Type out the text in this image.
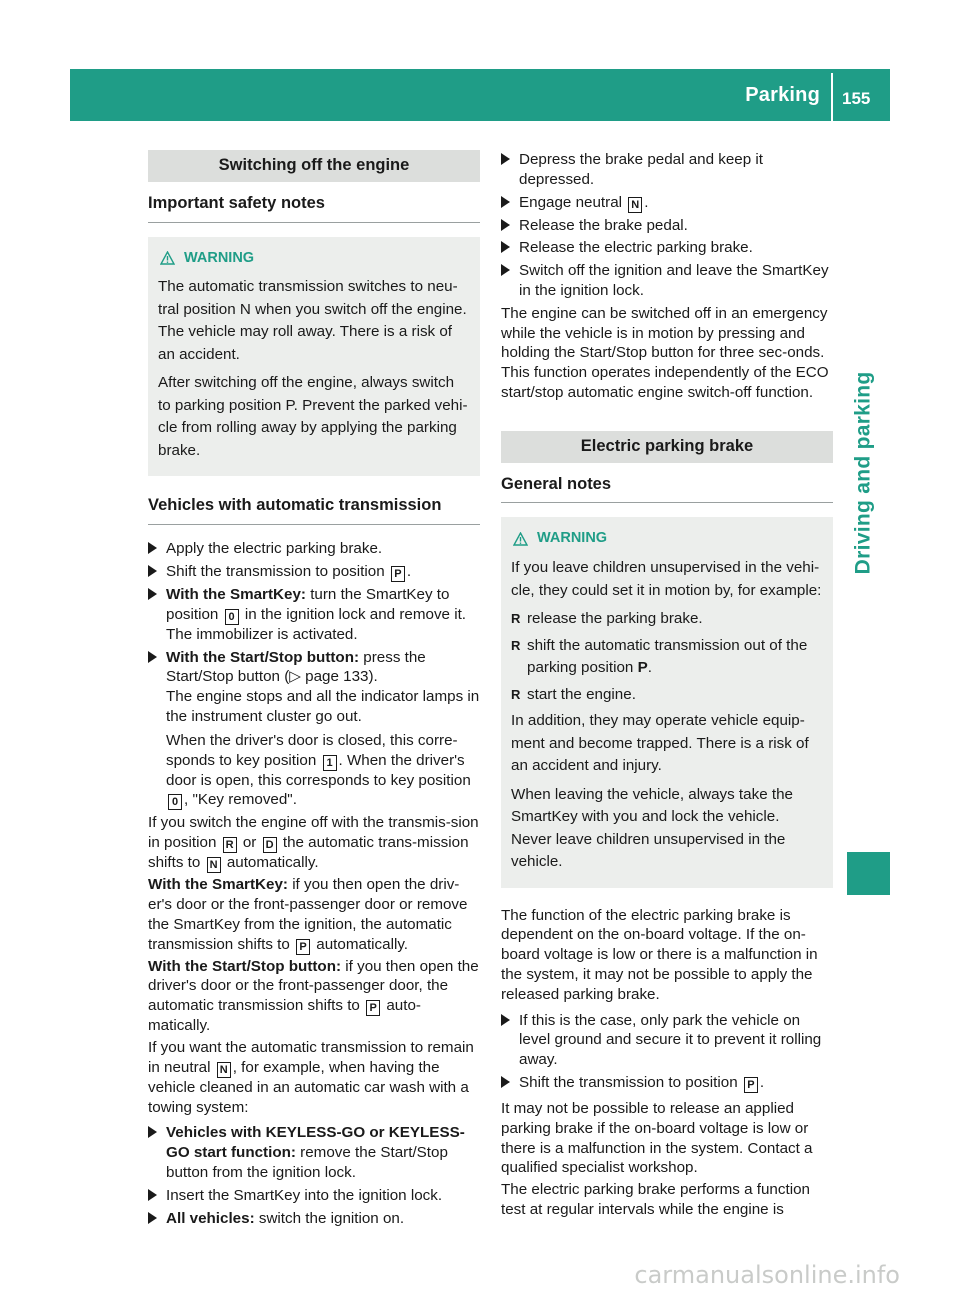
Parking 155
Driving and parking
Switching off the engine
Important safety notes
WARNING

The automatic transmission switches to neu-tral position N when you switch off the engine. The vehicle may roll away. There is a risk of an accident.

After switching off the engine, always switch to parking position P. Prevent the parked vehi-cle from rolling away by applying the parking brake.

Vehicles with automatic transmission
Apply the electric parking brake.
Shift the transmission to position P .
With the SmartKey: turn the SmartKey to position 0 in the ignition lock and remove it. The immobilizer is activated.
With the Start/Stop button: press the Start/Stop button (▷ page 133).
The engine stops and all the indicator lamps in the instrument cluster go out.
When the driver's door is closed, this corre-sponds to key position 1 . When the driver's door is open, this corresponds to key position 0 , "Key removed".

If you switch the engine off with the transmis-sion in position R or D the automatic trans-mission shifts to N automatically.

With the SmartKey: if you then open the driv-er's door or the front-passenger door or remove the SmartKey from the ignition, the automatic transmission shifts to P automatically.

With the Start/Stop button: if you then open the driver's door or the front-passenger door, the automatic transmission shifts to P auto-matically.

If you want the automatic transmission to remain in neutral N , for example, when having the vehicle cleaned in an automatic car wash with a towing system:

Vehicles with KEYLESS-GO or KEYLESS-GO start function: remove the Start/Stop button from the ignition lock.
Insert the SmartKey into the ignition lock.
All vehicles: switch the ignition on.
Depress the brake pedal and keep it depressed.
Engage neutral N .
Release the brake pedal.
Release the electric parking brake.
Switch off the ignition and leave the SmartKey in the ignition lock.

The engine can be switched off in an emergency while the vehicle is in motion by pressing and holding the Start/Stop button for three sec-onds. This function operates independently of the ECO start/stop automatic engine switch-off function.

Electric parking brake
General notes
WARNING

If you leave children unsupervised in the vehi-cle, they could set it in motion by, for example:

R release the parking brake.
R shift the automatic transmission out of the parking position P.
R start the engine.

In addition, they may operate vehicle equip-ment and become trapped. There is a risk of an accident and injury.

When leaving the vehicle, always take the SmartKey with you and lock the vehicle. Never leave children unsupervised in the vehicle.

The function of the electric parking brake is dependent on the on-board voltage. If the on-board voltage is low or there is a malfunction in the system, it may not be possible to apply the released parking brake.

If this is the case, only park the vehicle on level ground and secure it to prevent it rolling away.
Shift the transmission to position P .

It may not be possible to release an applied parking brake if the on-board voltage is low or there is a malfunction in the system. Contact a qualified specialist workshop.

The electric parking brake performs a function test at regular intervals while the engine is

carmanualsonline.info
